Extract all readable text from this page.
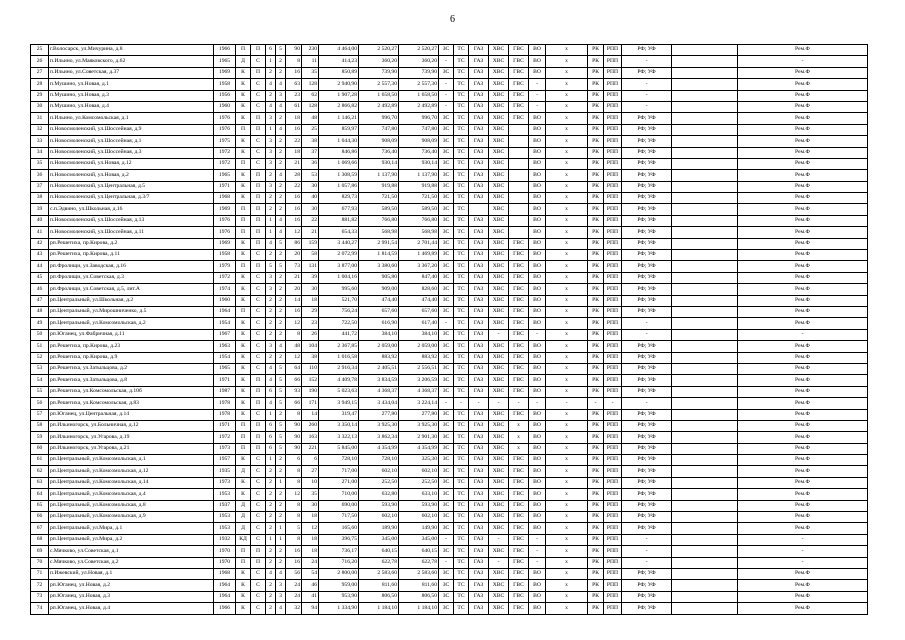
6
25	г.Волосарск, ул.Мичурина, д.8	1966	П	П	6	5	90	230	4 464,00	2 520,27	2 520,27	ЗС	ТС	ГАЗ	ХВС	ГВС	ВО	х	РК	РПП	РФ; УФ		Рем.Ф
26	п.Ильино, ул.Маяковского, д.62	1965	Д	С	1	2	8	11	414,23	360,20	360,20	-	ТС	ГАЗ	ХВС	ГВС	ВО	х	РК	РПП	-		-
27	п.Ильино, ул.Советская, д.37	1969	К	П	2	2	16	35	850,89	739,90	739,90	ЗС	ТС	ГАЗ	ХВС	ГВС	ВО	х	РК	РПП	РФ; УФ		Рем.Ф
28	п.Мушино, ул.Новая, д.1	1958	К	С	4	4	63	128	2 940,90	2 557,30	2 557,30	-	ТС	ГАЗ	ХВС	ГВС	-	х	РК	РПП	-		Рем.Ф
29	п.Мушино, ул.Новая, д.3	1956	К	С	2	3	23	62	1 907,28	1 658,50	1 658,50	-	ТС	ГАЗ	ХВС	ГВС	-	х	РК	РПП	-		Рем.Ф
30	п.Мушино, ул.Новая, д.4	1960	К	С	4	4	61	128	2 866,82	2 492,89	2 492,89	-	ТС	ГАЗ	ХВС	ГВС	-	х	РК	РПП	-		Рем.Ф
31	п.Ильино, ул.Комсомольская, д.1	1976	К	П	3	2	18	48	1 146,21	996,70	996,70	ЗС	ТС	ГАЗ	ХВС	ГВС	ВО	х	РК	РПП	РФ; УФ		Рем.Ф
32	п.Новосмоленский, ул.Шоссейная, д.9	1976	П	П	1	4	16	25	859,97	747,80	747,80	ЗС	ТС	ГАЗ	ХВС		ВО	х	РК	РПП	РФ; УФ		Рем.Ф
33	п.Новосмоленский, ул.Шоссейная, д.1	1975	К	С	3	2	22	38	1 044,30	908,09	908,09	ЗС	ТС	ГАЗ	ХВС		ВО	х	РК	РПП	РФ; УФ		Рем.Ф
34	п.Новосмоленский, ул.Шоссейная, д.3	1972	К	С	3	2	18	37	846,86	736,40	736,40	ЗС	ТС	ГАЗ	ХВС		ВО	х	РК	РПП	РФ; УФ		Рем.Ф
35	п.Новосмоленский, ул.Новая, д.12	1972	П	С	3	2	21	36	1 069,66	930,14	930,14	ЗС	ТС	ГАЗ	ХВС		ВО	х	РК	РПП	РФ; УФ		Рем.Ф
36	п.Новосмоленский, ул.Новая, д.2	1965	К	П	2	4	28	53	1 308,59	1 137,90	1 137,90	ЗС	ТС	ГАЗ	ХВС		ВО	х	РК	РПП	РФ; УФ		Рем.Ф
37	п.Новосмоленский, ул.Центральная, д.5	1971	К	П	3	2	22	30	1 057,86	919,88	919,88	ЗС	ТС	ГАЗ	ХВС		ВО	х	РК	РПП	РФ; УФ		Рем.Ф
38	п.Новосмоленский, ул.Центральная, д.3/7	1968	К	П	2	2	16	40	829,73	721,50	721,50	ЗС	ТС	ГАЗ	ХВС		ВО	х	РК	РПП	РФ; УФ		Рем.Ф
39	с.п.Эдвино, ул.Школьная, д.16	1969	П	П	2	2	16	30	677,93	589,50	589,50	ЗС	ТС		ХВС		ВО	х	РК	РПП	РФ; УФ		Рем.Ф
40	п.Новосмоленский, ул.Шоссейная, д.13	1976	П	П	1	4	16	22	881,82	766,80	766,80	ЗС	ТС	ГАЗ	ХВС		ВО	х	РК	РПП	РФ; УФ		Рем.Ф
41	п.Новосмоленский, ул.Шоссейная, д.11	1976	П	П	1	4	12	21	654,33	568,98	568,98	ЗС	ТС	ГАЗ	ХВС		ВО	х	РК	РПП	РФ; УФ		Рем.Ф
42	рп.Решетиха, пр.Кирова, д.2	1969	К	П	4	5	86	159	3 440,27	2 991,54	2 701,44	ЗС	ТС	ГАЗ	ХВС	ГВС	ВО	х	РК	РПП	РФ; УФ		Рем.Ф
43	рп.Решетиха, пр.Кирова, д.11	1958	К	С	2	2	20	58	2 072,99	1 814,59	1 469,89	ЗС	ТС	ГАЗ	ХВС	ГВС	ВО	х	РК	РПП	РФ; УФ		Рем.Ф
44	рп.Фролищи, ул.Заводская, д.16	1979	П	П	5	5	73	131	3 877,00	3 380,60	3 367,20	ЗС	ТС	ГАЗ	ХВС	ГВС	ВО	х	РК	РПП	РФ; УФ		Рем.Ф
45	рп.Фролищи, ул.Советская, д.3	1972	К	С	3	2	21	39	1 004,16	905,80	847,40	ЗС	ТС	ГАЗ	ХВС	ГВС	ВО	х	РК	РПП	РФ; УФ		Рем.Ф
46	рп.Фролищи, ул.Советская, д.5, лит.А	1974	К	С	3	2	20	30	995,60	909,00	828,60	ЗС	ТС	ГАЗ	ХВС	ГВС	ВО	х	РК	РПП	РФ; УФ		Рем.Ф
47	рп.Центральный, ул.Школьная, д.2	1960	К	С	2	2	14	18	521,70	474,40	474,40	ЗС	ТС	ГАЗ	ХВС	ГВС	ВО	х	РК	РПП	РФ; УФ		Рем.Ф
48	рп.Центральный, ул.Мирошниченко, д.5	1964	П	С	2	2	16	29	756,24	657,60	657,60	ЗС	ТС	ГАЗ	ХВС	ГВС	ВО	х	РК	РПП	РФ; УФ		Рем.Ф
49	рп.Центральный, ул.Комсомольская, д.2	1954	К	С	2	2	12	23	722,50	616,90	617,40	-	ТС	ГАЗ	ХВС	ГВС	ВО	х	РК	РПП	-		Рем.Ф
50	рп.Юганец, ул.Фабричная, д.11	1967	К	С	2	2	8	26	441,72	384,10	384,10	ЗС	ТС	ГАЗ	-	ГВС	-	х	РК	РПП	-		-
51	рп.Решетиха, пр.Кирова, д.23	1963	К	С	3	4	48	104	2 367,85	2 059,00	2 059,00	ЗС	ТС	ГАЗ	ХВС	ГВС	ВО	х	РК	РПП	РФ; УФ		Рем.Ф
52	рп.Решетиха, пр.Кирова, д.9	1954	К	С	2	2	12	38	1 016,58	883,92	883,92	ЗС	ТС	ГАЗ	ХВС	ГВС	ВО	х	РК	РПП	РФ; УФ		Рем.Ф
53	рп.Решетиха, ул.Затыльцова, д.2	1965	К	С	4	5	64	110	2 916,34	2 405,51	2 556,51	ЗС	ТС	ГАЗ	ХВС	ГВС	ВО	х	РК	РПП	РФ; УФ		Рем.Ф
54	рп.Решетиха, ул.Затыльцова, д.8	1971	К	П	4	5	66	152	4 409,78	3 834,59	3 206,59	ЗС	ТС	ГАЗ	ХВС	ГВС	ВО	х	РК	РПП	РФ; УФ		Рем.Ф
55	рп.Решетиха, ул.Комсомольская, д.10б	1987	К	П	6	5	93	190	5 023,63	4 368,37	4 368,37	ЗС	ТС	ГАЗ	ХВС	ГВС	ВО	х	РК	РПП	РФ; УФ		Рем.Ф
56	рп.Решетиха, ул.Комсомольская, д.83	1978	К	П	4	5	66	171	3 949,15	3 434,04	3 224,14	-	-	-	-	-	-	-	-	-	-		Рем.Ф
57	рп.Юганец, ул.Центральная, д.14	1978	К	С	1	2	8	14	319,47	277,80	277,80	ЗС	ТС	ГАЗ	ХВС	ГВС	ВО	х	РК	РПП	РФ; УФ		Рем.Ф
58	рп.Ильиногорск, ул.Больничная, д.12	1971	П	П	6	5	90	260	3 350,14	3 925,30	3 925,30	ЗС	ТС	ГАЗ	ХВС	х	ВО	х	РК	РПП	РФ; УФ		Рем.Ф
59	рп.Ильиногорск, ул.Угарова, д.19	1972	П	П	6	5	90	163	3 322,13	3 862,34	2 901,30	ЗС	ТС	ГАЗ	ХВС	х	ВО	х	РК	РПП	РФ; УФ		Рем.Ф
60	рп.Ильиногорск, ул.Угарова, д.21	1973	П	П	6	5	90	221	5 845,00	4 354,99	4 354,99	ЗС	ТС	ГАЗ	ХВС	х	ВО	х	РК	РПП	РФ; УФ		Рем.Ф
61	рп.Центральный, ул.Комсомольская, д.1	1957	К	С	1	2	6	6	728,10	728,10	325,30	ЗС	ТС	ГАЗ	ХВС	ГВС	ВО	х	РК	РПП	РФ; УФ		Рем.Ф
62	рп.Центральный, ул.Комсомольская, д.12	1935	Д	С	2	2	8	27	717,00	602,10	602,10	ЗС	ТС	ГАЗ	ХВС	ГВС	ВО	х	РК	РПП	РФ; УФ		Рем.Ф
63	рп.Центральный, ул.Комсомольская, д.14	1973	К	С	2	1	8	10	271,00	252,50	252,50	ЗС	ТС	ГАЗ	ХВС	ГВС	ВО	х	РК	РПП	РФ; УФ		Рем.Ф
64	рп.Центральный, ул.Комсомольская, д.4	1953	К	С	2	2	12	35	710,00	632,80	633,10	ЗС	ТС	ГАЗ	ХВС	ГВС	ВО	х	РК	РПП	РФ; УФ		Рем.Ф
65	рп.Центральный, ул.Комсомольская, д.8	1937	Д	С	2	2	8	30	690,00	593,90	593,90	ЗС	ТС	ГАЗ	ХВС	ГВС	ВО	х	РК	РПП	РФ; УФ		Рем.Ф
66	рп.Центральный, ул.Комсомольская, д.9	1953	Д	С	2	2	8	18	717,50	602,10	602,10	ЗС	ТС	ГАЗ	ХВС	ГВС	ВО	х	РК	РПП	РФ; УФ		Рем.Ф
67	рп.Центральный, ул.Мира, д.1	1953	Д	С	2	1	5	12	165,60	189,90	149,90	ЗС	ТС	ГАЗ	ХВС	ГВС	ВО	х	РК	РПП	РФ; УФ		Рем.Ф
68	рп.Центральный, ул.Мира, д.2	1932	КД	С	1	1	8	18	396,75	345,00	345,00	-	ТС	ГАЗ	-	ГВС	-	х	РК	РПП	-		-
69	с.Мячково, ул.Советская, д.1	1970	П	П	2	2	16	18	736,17	640,15	640,15	ЗС	ТС	ГАЗ	ХВС	ГВС	-	х	РК	РПП	-		-
70	с.Мячково, ул.Советская, д.2	1970	П	П	2	2	16	24	716,20	622,78	622,78	-	ТС	ГАЗ	-	ГВС	-	х	РК	РПП	-		-
71	п.Ижевский, ул.Новая, д.1	1968	К	С	4	4	56	54	2 800,00	2 583,60	2 583,60	ЗС	ТС	ГАЗ	ХВС	ГВС	ВО	х	РК	РПП	РФ; УФ		Рем.Ф
72	рп.Юганец, ул.Новая, д.2	1964	К	С	2	3	24	46	959,00	811,60	811,60	ЗС	ТС	ГАЗ	ХВС	ГВС	ВО	х	РК	РПП	РФ; УФ		Рем.Ф
73	рп.Юганец, ул.Новая, д.3	1964	К	С	2	3	24	41	953,90	806,50	806,50	ЗС	ТС	ГАЗ	ХВС	ГВС	ВО	х	РК	РПП	РФ; УФ		Рем.Ф
74	рп.Юганец, ул.Новая, д.4	1966	К	С	2	4	32	94	1 334,90	1 184,10	1 184,10	ЗС	ТС	ГАЗ	ХВС	ГВС	ВО	х	РК	РПП	РФ; УФ		Рем.Ф
